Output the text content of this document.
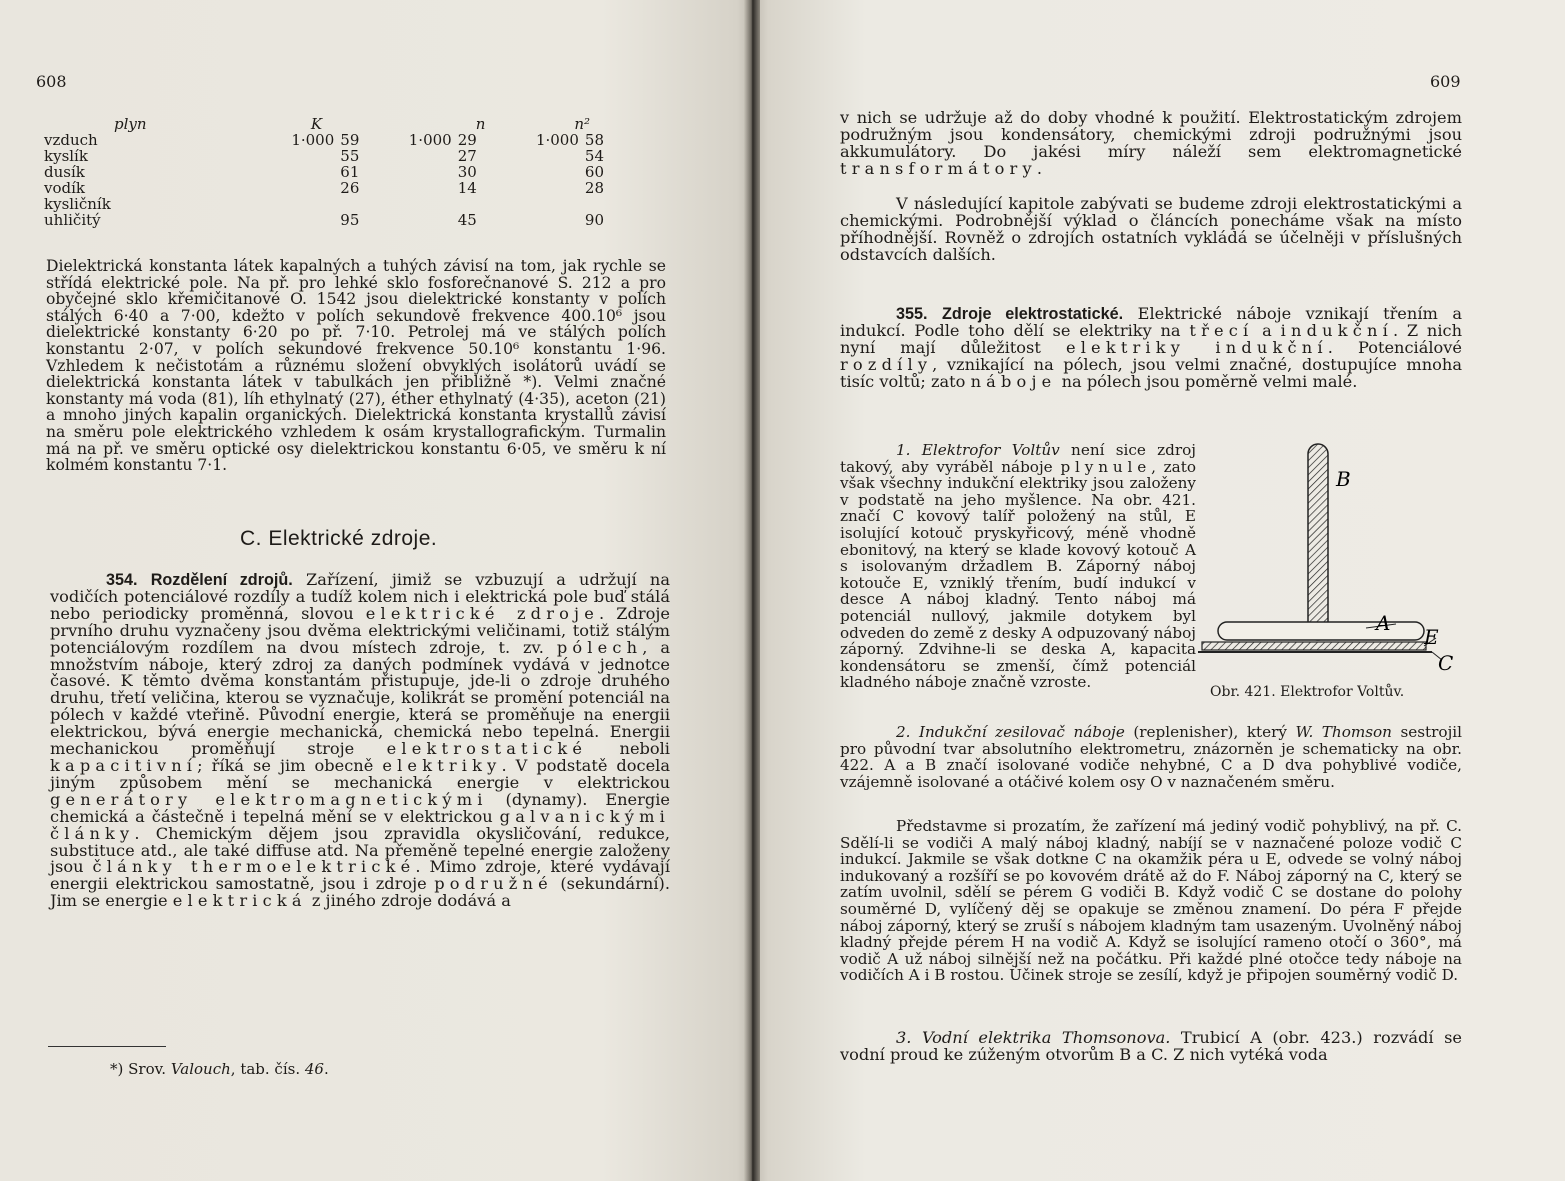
608
plyn	K		n		n²	
vzduch	1·000	59	1·000	29	1·000	58
kyslík		55		27		54
dusík		61		30		60
vodík		26		14		28
kysličník
uhličitý		95		45		90
Dielektrická konstanta látek kapalných a tuhých závisí na tom, jak rychle se střídá elektrické pole. Na př. pro lehké sklo fosforečnanové S. 212 a pro obyčejné sklo křemičitanové O. 1542 jsou dielektrické konstanty v polích stálých 6·40 a 7·00, kdežto v polích sekundově frekvence 400.10⁶ jsou dielektrické konstanty 6·20 po př. 7·10. Petrolej má ve stálých polích konstantu 2·07, v polích sekundové frekvence 50.10⁶ konstantu 1·96. Vzhledem k nečistotám a různému složení obvyklých isolátorů uvádí se dielektrická konstanta látek v tabulkách jen přibližně *). Velmi značné konstanty má voda (81), líh ethylnatý (27), éther ethylnatý (4·35), aceton (21) a mnoho jiných kapalin organických. Dielektrická konstanta krystallů závisí na směru pole elektrického vzhledem k osám krystallografickým. Turmalin má na př. ve směru optické osy dielektrickou konstantu 6·05, ve směru k ní kolmém konstantu 7·1.
C. Elektrické zdroje.
354. Rozdělení zdrojů. Zařízení, jimiž se vzbuzují a udržují na vodičích potenciálové rozdíly a tudíž kolem nich i elektrická pole buď stálá nebo periodicky proměnná, slovou elektrické zdroje. Zdroje prvního druhu vyznačeny jsou dvěma elektrickými veličinami, totiž stálým potenciálovým rozdílem na dvou místech zdroje, t. zv. pólech, a množstvím náboje, který zdroj za daných podmínek vydává v jednotce časové. K těmto dvěma konstantám přistupuje, jde-li o zdroje druhého druhu, třetí veličina, kterou se vyznačuje, kolikrát se promění potenciál na pólech v každé vteřině. Původní energie, která se proměňuje na energii elektrickou, bývá energie mechanická, chemická nebo tepelná. Energii mechanickou proměňují stroje elektrostatické neboli kapacitivní; říká se jim obecně elektriky. V podstatě docela jiným způsobem mění se mechanická energie v elektrickou generátory elektromagnetickými (dynamy). Energie chemická a částečně i tepelná mění se v elektrickou galvanickými články. Chemickým dějem jsou zpravidla okysličování, redukce, substituce atd., ale také diffuse atd. Na přeměně tepelné energie založeny jsou články thermoelektrické. Mimo zdroje, které vydávají energii elektrickou samostatně, jsou i zdroje podružné (sekundární). Jim se energie elektrická z jiného zdroje dodává a
*) Srov. Valouch, tab. čís. 46.
609
v nich se udržuje až do doby vhodné k použití. Elektrostatickým zdrojem podružným jsou kondensátory, chemickými zdroji podružnými jsou akkumulátory. Do jakési míry náleží sem elektromagnetické transformátory.
V následující kapitole zabývati se budeme zdroji elektrostatickými a chemickými. Podrobnější výklad o článcích ponecháme však na místo příhodnější. Rovněž o zdrojích ostatních vykládá se účelněji v příslušných odstavcích dalších.
355. Zdroje elektrostatické. Elektrické náboje vznikají třením a indukcí. Podle toho dělí se elektriky na třecí a indukční. Z nich nyní mají důležitost elektriky indukční. Potenciálové rozdíly, vznikající na pólech, jsou velmi značné, dostupujíce mnoha tisíc voltů; zato náboje na pólech jsou poměrně velmi malé.
1. Elektrofor Voltův není sice zdroj takový, aby vyráběl náboje plynule, zato však všechny indukční elektriky jsou založeny v podstatě na jeho myšlence. Na obr. 421. značí C kovový talíř položený na stůl, E isolující kotouč pryskyřicový, méně vhodně ebonitový, na který se klade kovový kotouč A s isolovaným držadlem B. Záporný náboj kotouče E, vzniklý třením, budí indukcí v desce A náboj kladný. Tento náboj má potenciál nullový, jakmile dotykem byl odveden do země z desky A odpuzovaný náboj záporný. Zdvihne-li se deska A, kapacita kondensátoru se zmenší, čímž potenciál kladného náboje značně vzroste.
2. Indukční zesilovač náboje (replenisher), který W. Thomson sestrojil pro původní tvar absolutního elektrometru, znázorněn je schematicky na obr. 422. A a B značí isolované vodiče nehybné, C a D dva pohyblivé vodiče, vzájemně isolované a otáčivé kolem osy O v naznačeném směru.
Představme si prozatím, že zařízení má jediný vodič pohyblivý, na př. C. Sdělí-li se vodiči A malý náboj kladný, nabíjí se v naznačené poloze vodič C indukcí. Jakmile se však dotkne C na okamžik péra u E, odvede se volný náboj indukovaný a rozšíří se po kovovém drátě až do F. Náboj záporný na C, který se zatím uvolnil, sdělí se pérem G vodiči B. Když vodič C se dostane do polohy souměrné D, vylíčený děj se opakuje se změnou znamení. Do péra F přejde náboj záporný, který se zruší s nábojem kladným tam usazeným. Uvolněný náboj kladný přejde pérem H na vodič A. Když se isolující rameno otočí o 360°, má vodič A už náboj silnější než na počátku. Při každé plné otočce tedy náboje na vodičích A i B rostou. Účinek stroje se zesílí, když je připojen souměrný vodič D.
3. Vodní elektrika Thomsonova. Trubicí A (obr. 423.) rozvádí se vodní proud ke zúženým otvorům B a C. Z nich vytéká voda
B
A
E
C
Obr. 421. Elektrofor Voltův.
